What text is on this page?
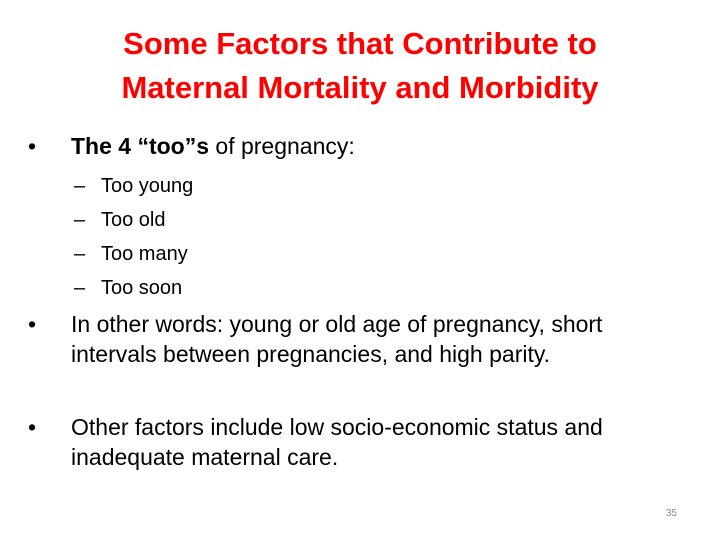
Some Factors that Contribute to
Maternal Mortality and Morbidity

•	The 4 “too”s of pregnancy:

– Too young
– Too old
– Too many
– Too soon

•	In other words: young or old age of pregnancy, short intervals between pregnancies, and high parity.

•	Other factors include low socio-economic status and inadequate maternal care.

35
